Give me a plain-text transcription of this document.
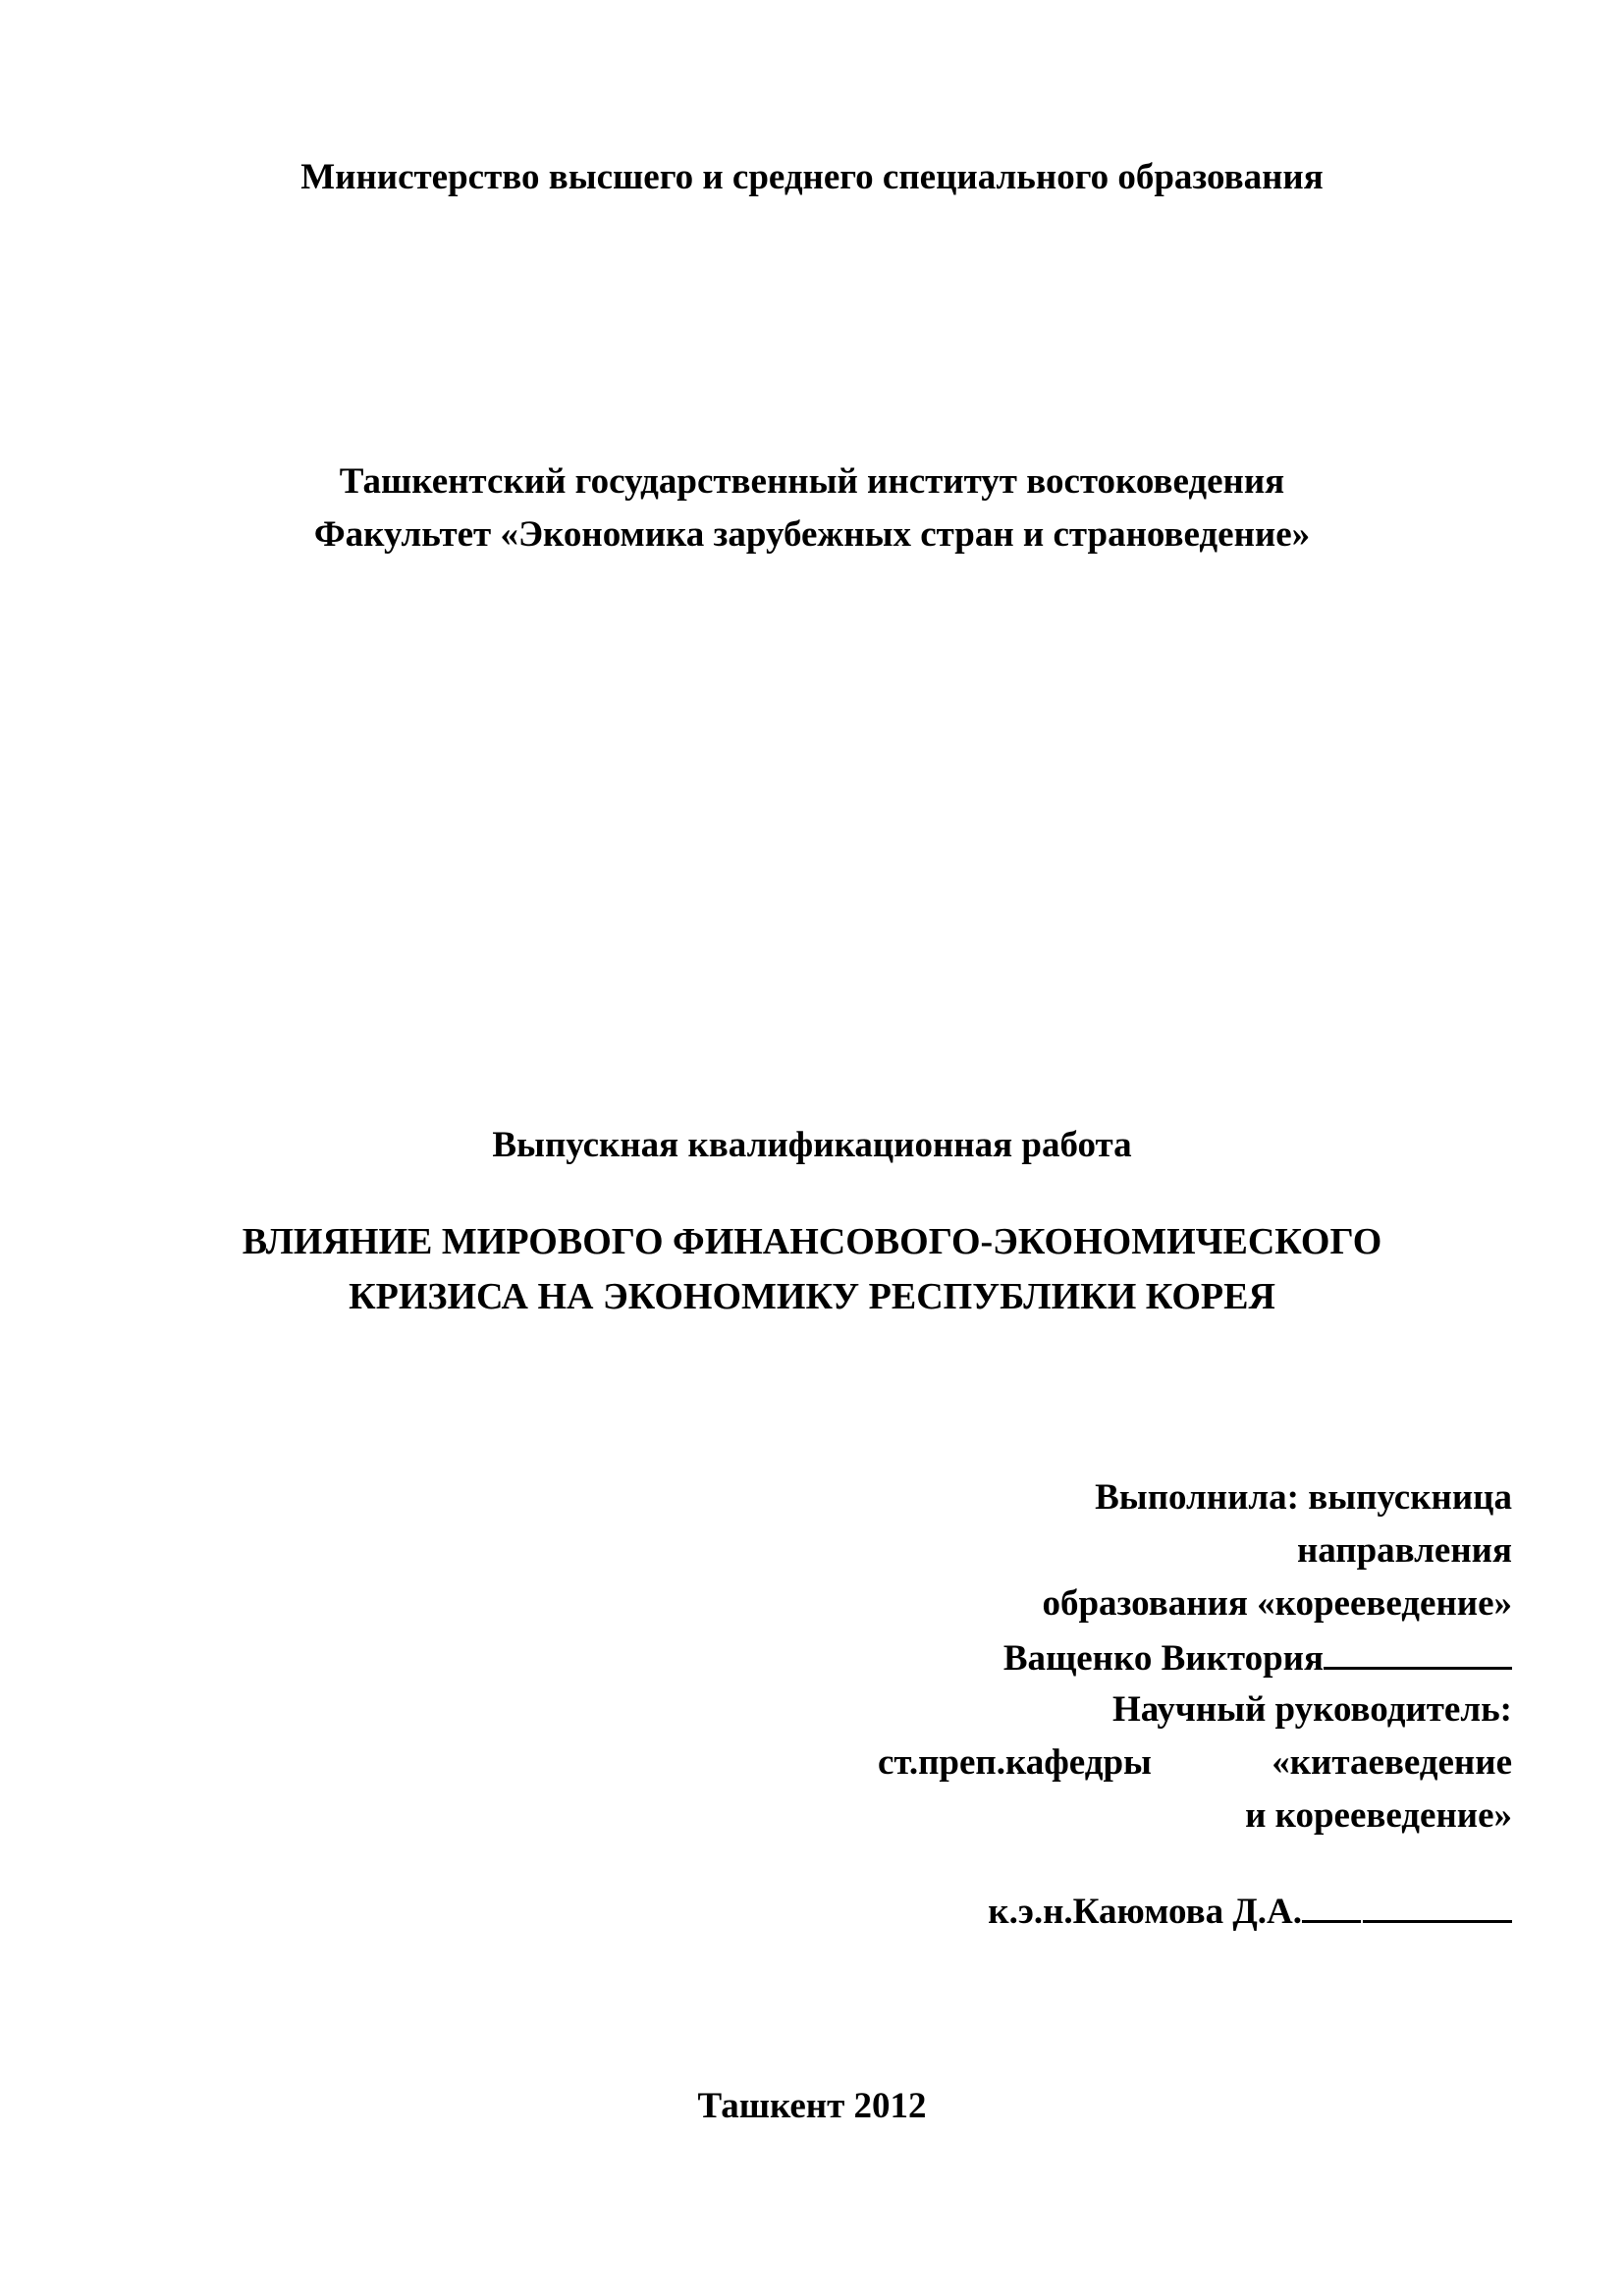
Министерство высшего и среднего специального образования
Ташкентский государственный институт востоковедения
Факультет «Экономика зарубежных стран и страноведение»
Выпускная квалификационная работа
ВЛИЯНИЕ МИРОВОГО ФИНАНСОВОГО-ЭКОНОМИЧЕСКОГО
КРИЗИСА НА ЭКОНОМИКУ РЕСПУБЛИКИ КОРЕЯ
Выполнила: выпускница
направления
образования «корееведение»
Ващенко Виктория
Научный руководитель:
ст.преп.кафедры	«китаеведение
и корееведение»
к.э.н.Каюмова Д.А.
Ташкент 2012
